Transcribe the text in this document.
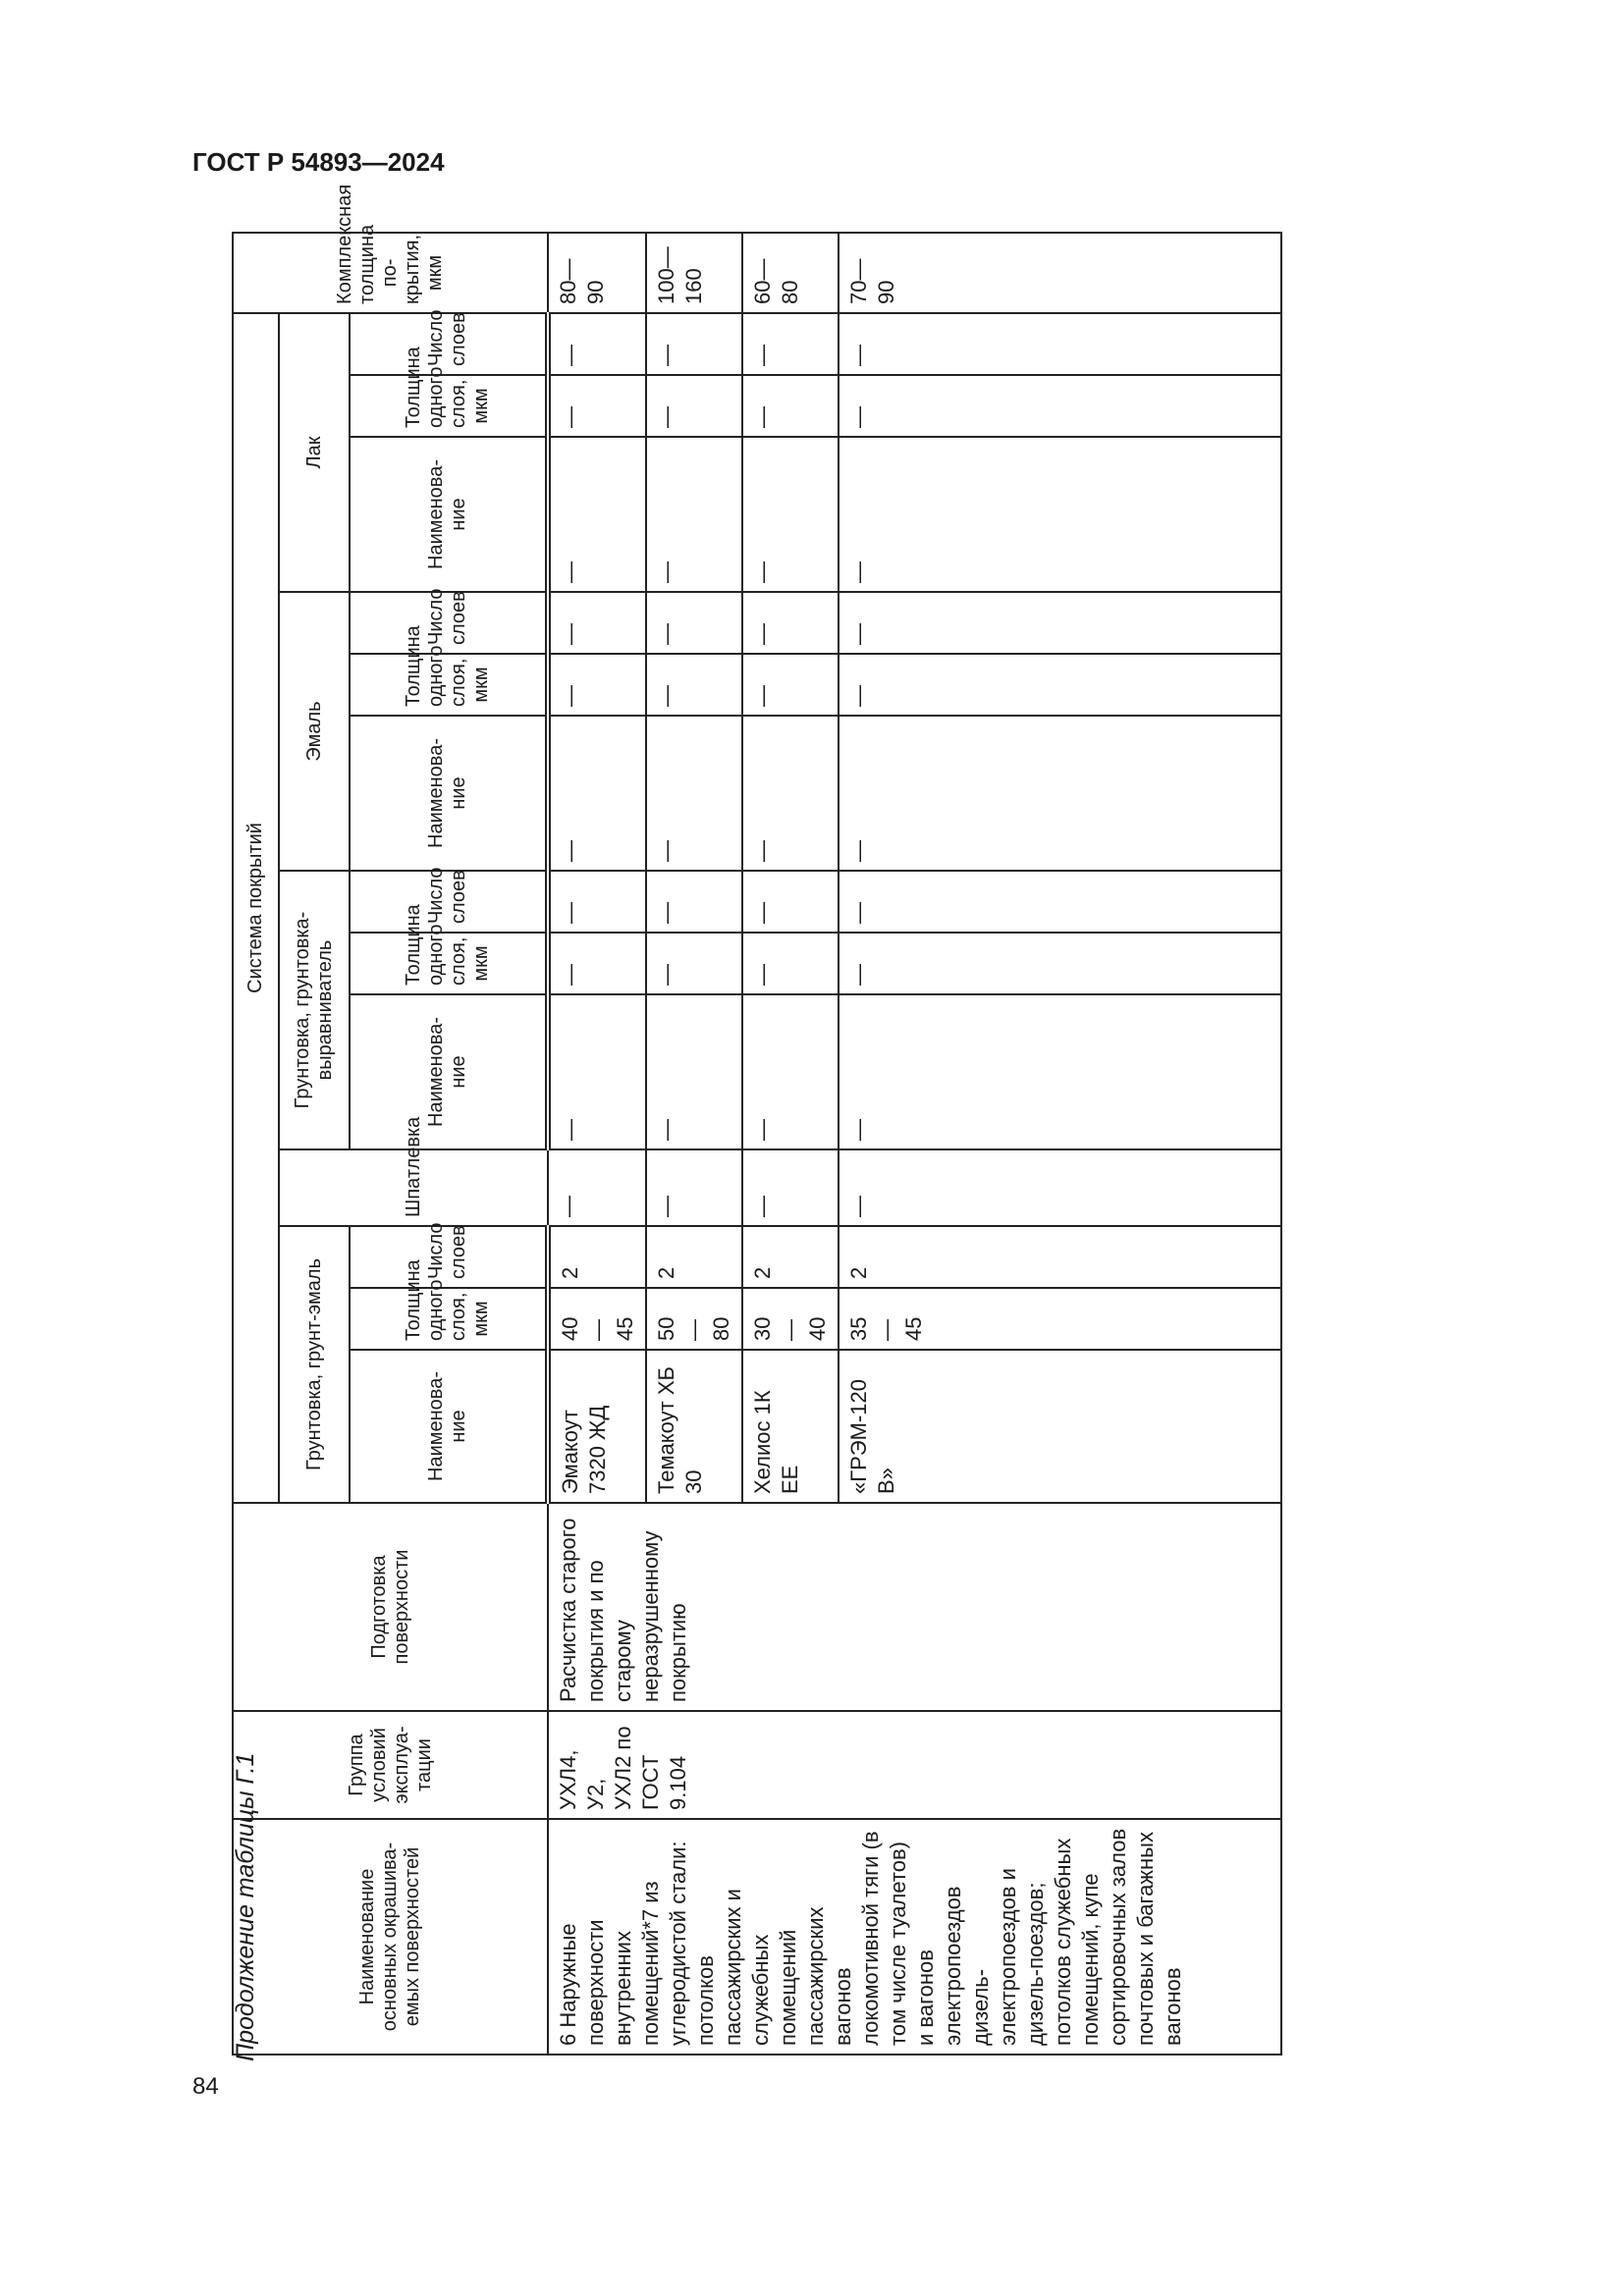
ГОСТ Р 54893—2024
84
Продолжение таблицы Г.1	Наименование основных окрашива-емых поверхностей	Группа условий эксплуа-тации	Подготовка поверхности	Система покрытий													Комплексная толщина по-крытия, мкм
			Грунтовка, грунт-эмаль			Шпатлевка	Грунтовка, грунтовка-выравниватель			Эмаль			Лак			
			Наименова-ние	Толщина одного слоя, мкм	Число слоев		Наименова-ние	Толщина одного слоя, мкм	Число слоев	Наименова-ние	Толщина одного слоя, мкм	Число слоев	Наименова-ние	Толщина одного слоя, мкм	Число слоев	
6 Наружные поверхности внутренних помещений*7 из углеродистой стали: потолков пассажирских и служебных помещений пассажирских вагонов локомотивной тяги (в том числе туалетов) и вагонов электропоездов дизель-электропоездов и дизель-поездов; потолков служебных помещений, купе сортировочных залов почтовых и багажных вагонов	УХЛ4, У2, УХЛ2 по ГОСТ 9.104	Расчистка старого покрытия и по старому неразрушенному покрытию	Эмакоут 7320 ЖД	40—45	2	—	—	—	—	—	—	—	—	—	—	80—90
			Темакоут ХБ 30	50—80	2	—	—	—	—	—	—	—	—	—	—	100—160
			Хелиос 1К ЕЕ	30—40	2	—	—	—	—	—	—	—	—	—	—	60—80
			«ГРЭМ-120 В»	35—45	2	—	—	—	—	—	—	—	—	—	—	70—90
